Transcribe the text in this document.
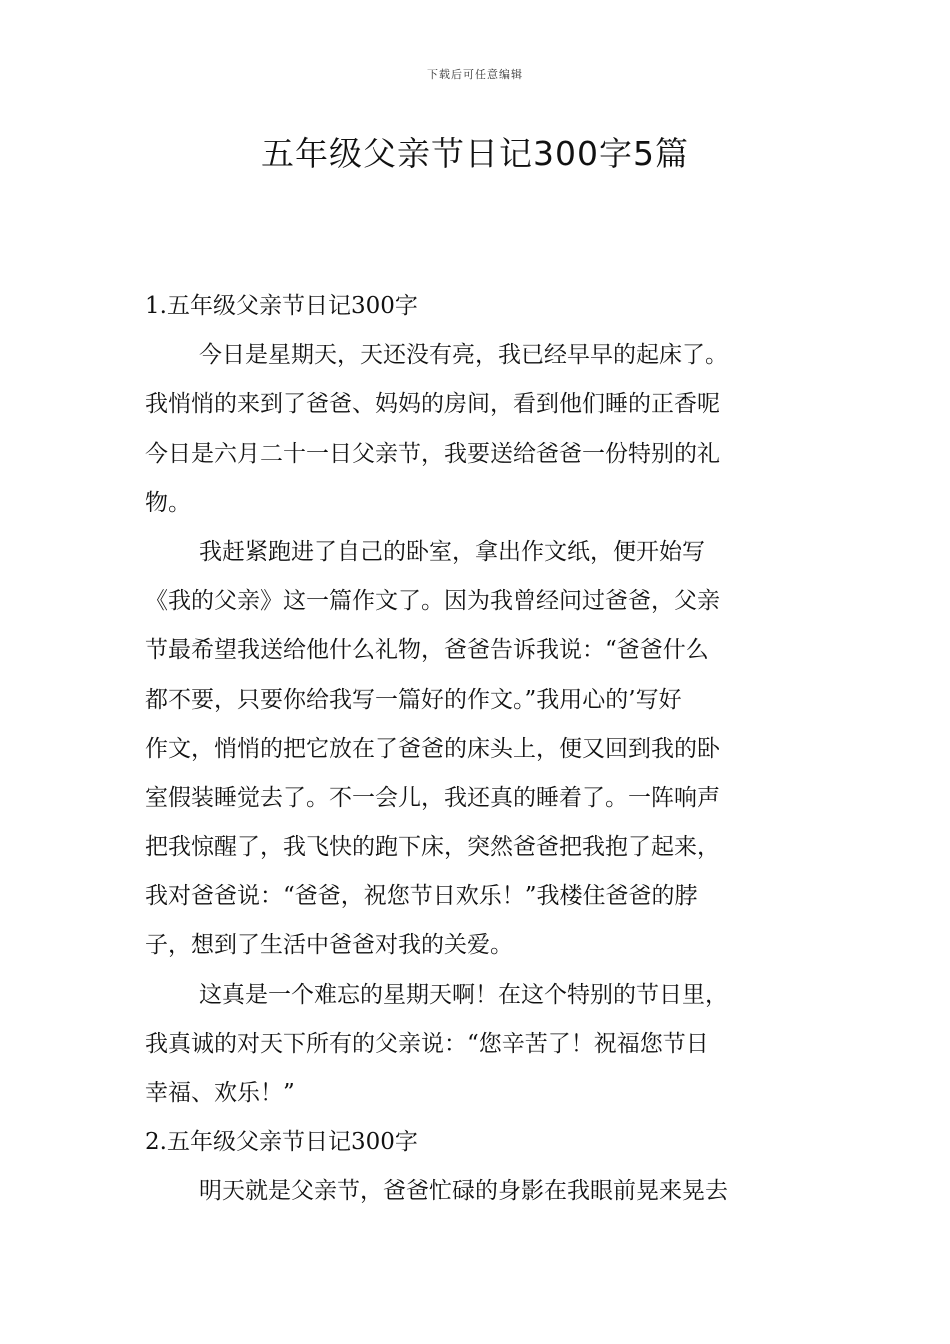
下载后可任意编辑
五年级父亲节日记300字5篇
1.五年级父亲节日记300字
今日是星期天，天还没有亮，我已经早早的起床了。
我悄悄的来到了爸爸、妈妈的房间，看到他们睡的正香呢
今日是六月二十一日父亲节，我要送给爸爸一份特别的礼
物。
我赶紧跑进了自己的卧室，拿出作文纸，便开始写
《我的父亲》这一篇作文了。因为我曾经问过爸爸，父亲
节最希望我送给他什么礼物，爸爸告诉我说：“爸爸什么
都不要，只要你给我写一篇好的作文。”我用心的’写好
作文，悄悄的把它放在了爸爸的床头上，便又回到我的卧
室假装睡觉去了。不一会儿，我还真的睡着了。一阵响声
把我惊醒了，我飞快的跑下床，突然爸爸把我抱了起来，
我对爸爸说：“爸爸，祝您节日欢乐！”我楼住爸爸的脖
子，想到了生活中爸爸对我的关爱。
这真是一个难忘的星期天啊！在这个特别的节日里，
我真诚的对天下所有的父亲说：“您辛苦了！祝福您节日
幸福、欢乐！”
2.五年级父亲节日记300字
明天就是父亲节，爸爸忙碌的身影在我眼前晃来晃去
